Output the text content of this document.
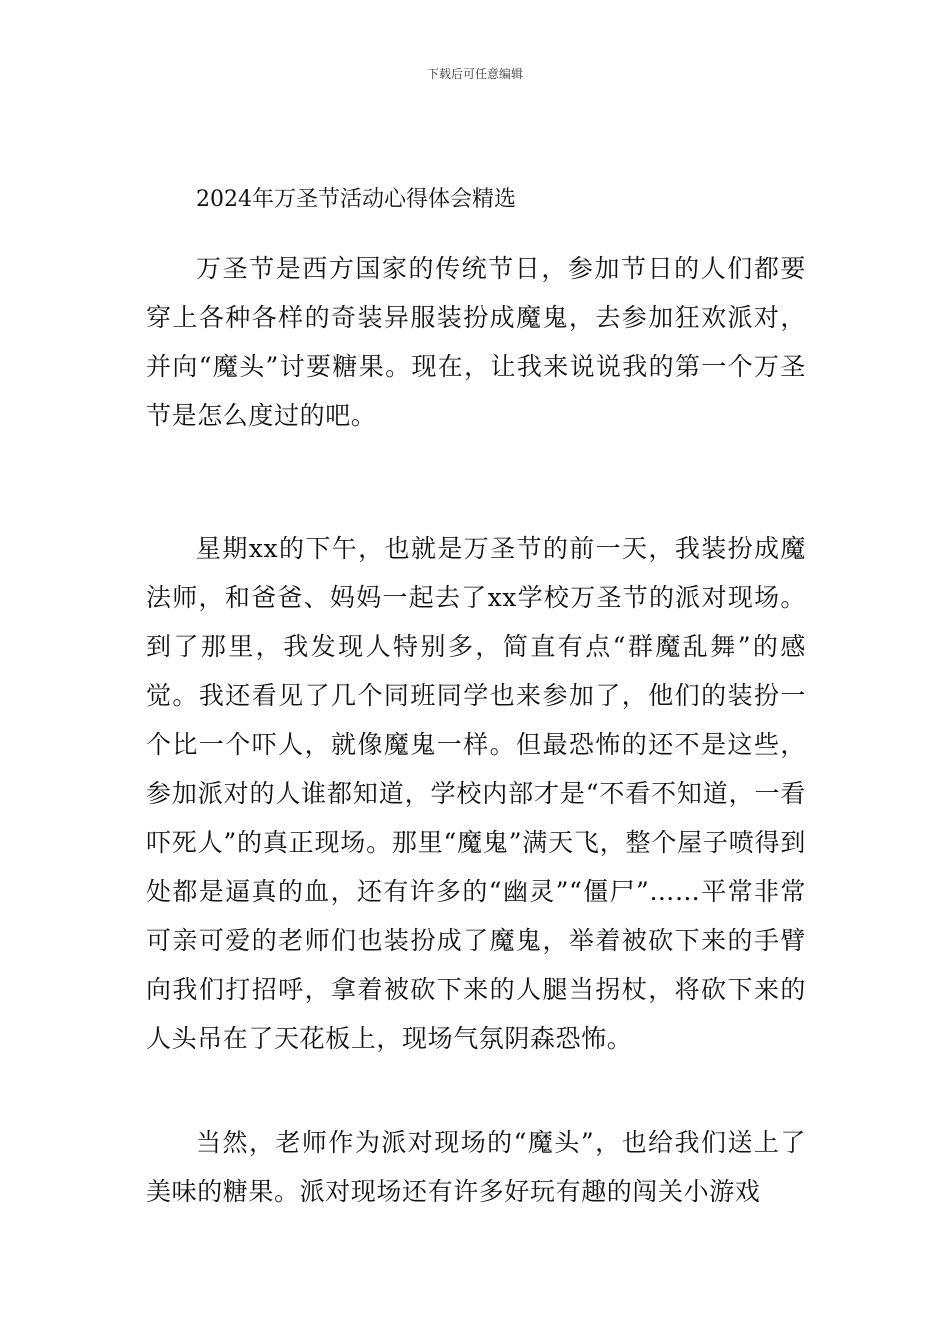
下载后可任意编辑
2024年万圣节活动心得体会精选

万圣节是西方国家的传统节日，参加节日的人们都要穿上各种各样的奇装异服装扮成魔鬼，去参加狂欢派对，并向“魔头”讨要糖果。现在，让我来说说我的第一个万圣节是怎么度过的吧。

星期xx的下午，也就是万圣节的前一天，我装扮成魔法师，和爸爸、妈妈一起去了xx学校万圣节的派对现场。到了那里，我发现人特别多，简直有点“群魔乱舞”的感觉。我还看见了几个同班同学也来参加了，他们的装扮一个比一个吓人，就像魔鬼一样。但最恐怖的还不是这些，参加派对的人谁都知道，学校内部才是“不看不知道，一看吓死人”的真正现场。那里“魔鬼”满天飞，整个屋子喷得到处都是逼真的血，还有许多的“幽灵”“僵尸”……平常非常可亲可爱的老师们也装扮成了魔鬼，举着被砍下来的手臂向我们打招呼，拿着被砍下来的人腿当拐杖，将砍下来的人头吊在了天花板上，现场气氛阴森恐怖。

当然，老师作为派对现场的“魔头”，也给我们送上了美味的糖果。派对现场还有许多好玩有趣的闯关小游戏
